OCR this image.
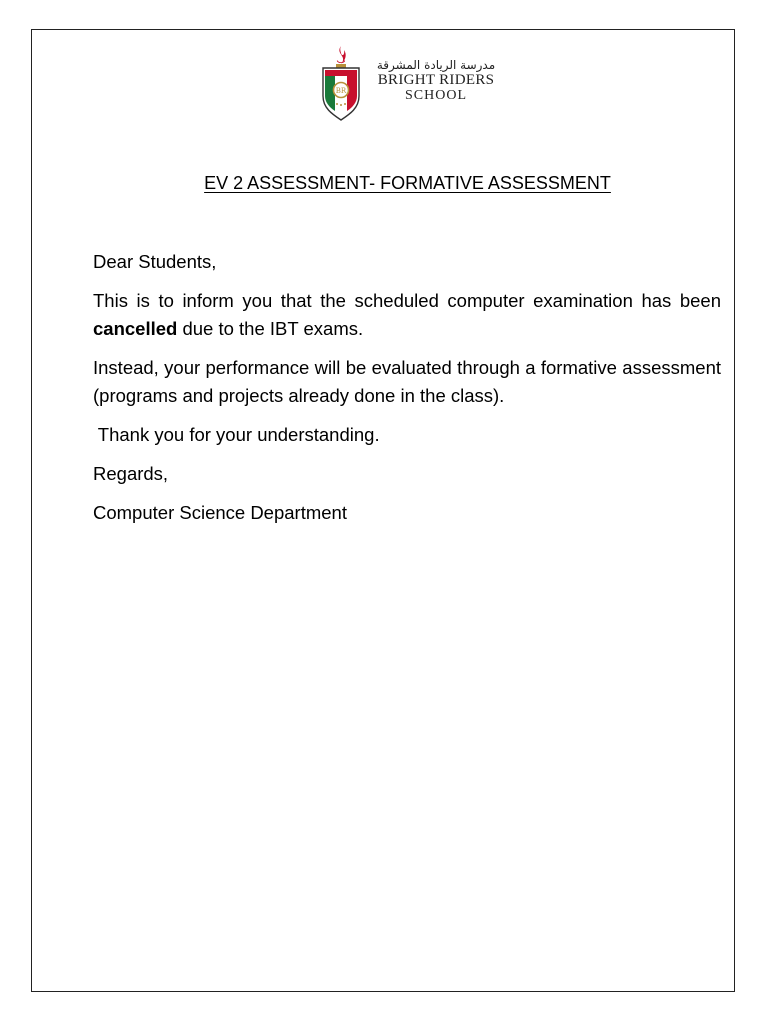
BR
مدرسة الريادة المشرقة
BRIGHT RIDERS
SCHOOL
EV 2 ASSESSMENT- FORMATIVE ASSESSMENT

Dear Students,

This is to inform you that the scheduled computer examination has been cancelled due to the IBT exams.

Instead, your performance will be evaluated through a formative assessment (programs and projects already done in the class).

Thank you for your understanding.

Regards,

Computer Science Department
